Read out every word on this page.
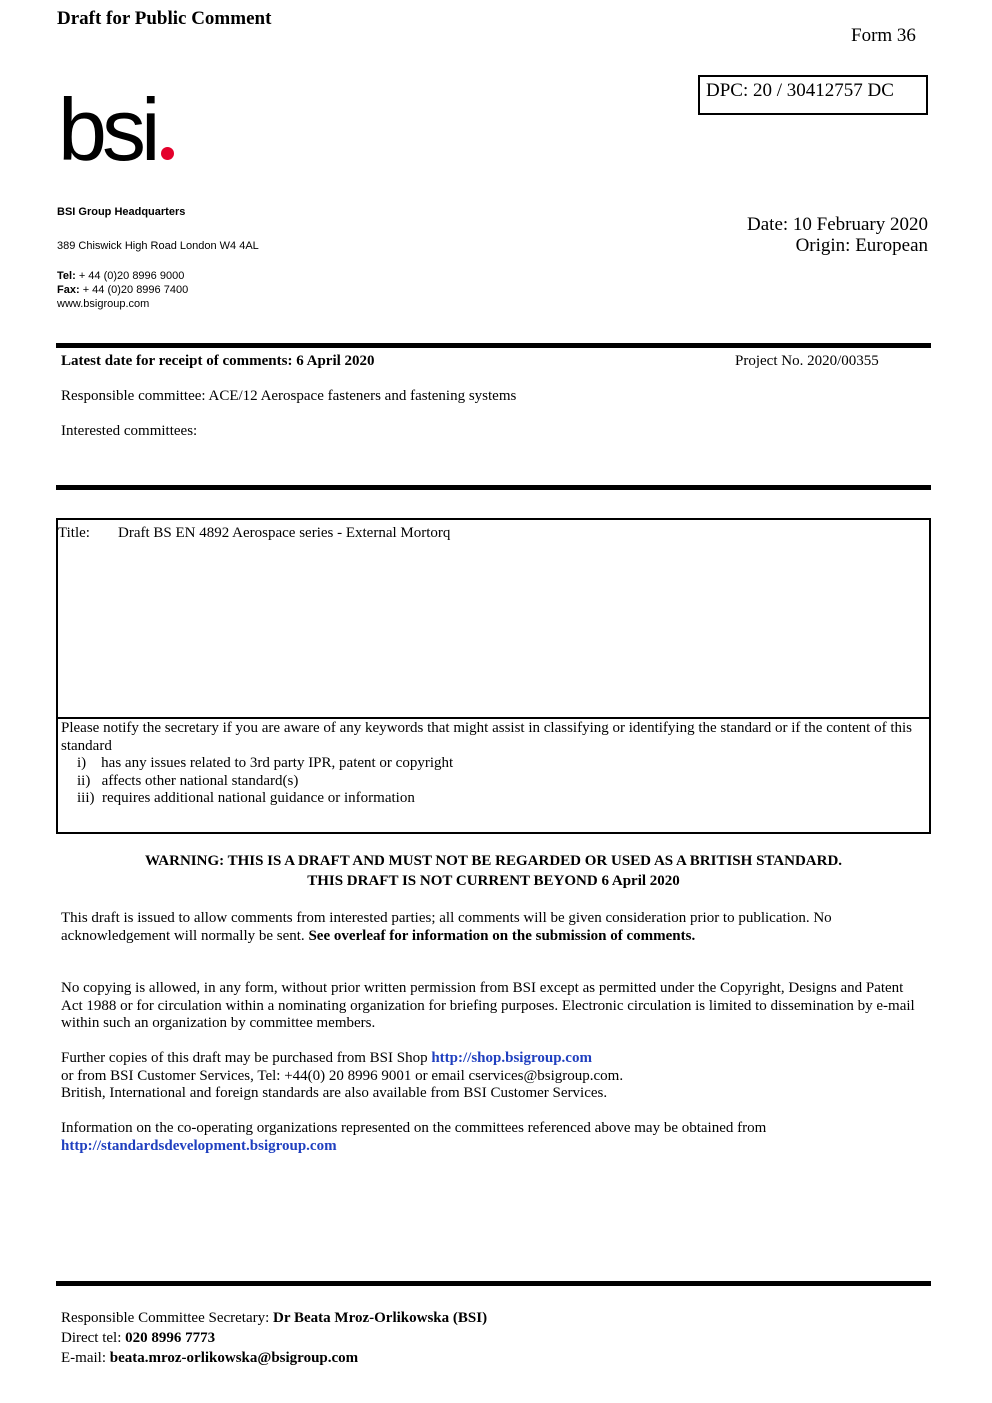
Draft for Public Comment
Form 36
DPC: 20 / 30412757 DC
bsi
BSI Group Headquarters
389 Chiswick High Road London W4 4AL
Tel: + 44 (0)20 8996 9000
Fax: + 44 (0)20 8996 7400
www.bsigroup.com
Date: 10 February 2020
Origin: European
Latest date for receipt of comments: 6 April 2020	Project No. 2020/00355
Responsible committee: ACE/12 Aerospace fasteners and fastening systems
Interested committees:
Title: Draft BS EN 4892 Aerospace series - External Mortorq
Please notify the secretary if you are aware of any keywords that might assist in classifying or identifying the standard or if the content of this standard
i)    has any issues related to 3rd party IPR, patent or copyright
ii)   affects other national standard(s)
iii)  requires additional national guidance or information
WARNING: THIS IS A DRAFT AND MUST NOT BE REGARDED OR USED AS A BRITISH STANDARD.
THIS DRAFT IS NOT CURRENT BEYOND 6 April 2020
This draft is issued to allow comments from interested parties; all comments will be given consideration prior to publication. No acknowledgement will normally be sent. See overleaf for information on the submission of comments.
No copying is allowed, in any form, without prior written permission from BSI except as permitted under the Copyright, Designs and Patent Act 1988 or for circulation within a nominating organization for briefing purposes. Electronic circulation is limited to dissemination by e-mail within such an organization by committee members.
Further copies of this draft may be purchased from BSI Shop http://shop.bsigroup.com
or from BSI Customer Services, Tel: +44(0) 20 8996 9001 or email cservices@bsigroup.com.
British, International and foreign standards are also available from BSI Customer Services.
Information on the co-operating organizations represented on the committees referenced above may be obtained from
http://standardsdevelopment.bsigroup.com
Responsible Committee Secretary: Dr Beata Mroz-Orlikowska (BSI)
Direct tel: 020 8996 7773
E-mail: beata.mroz-orlikowska@bsigroup.com
